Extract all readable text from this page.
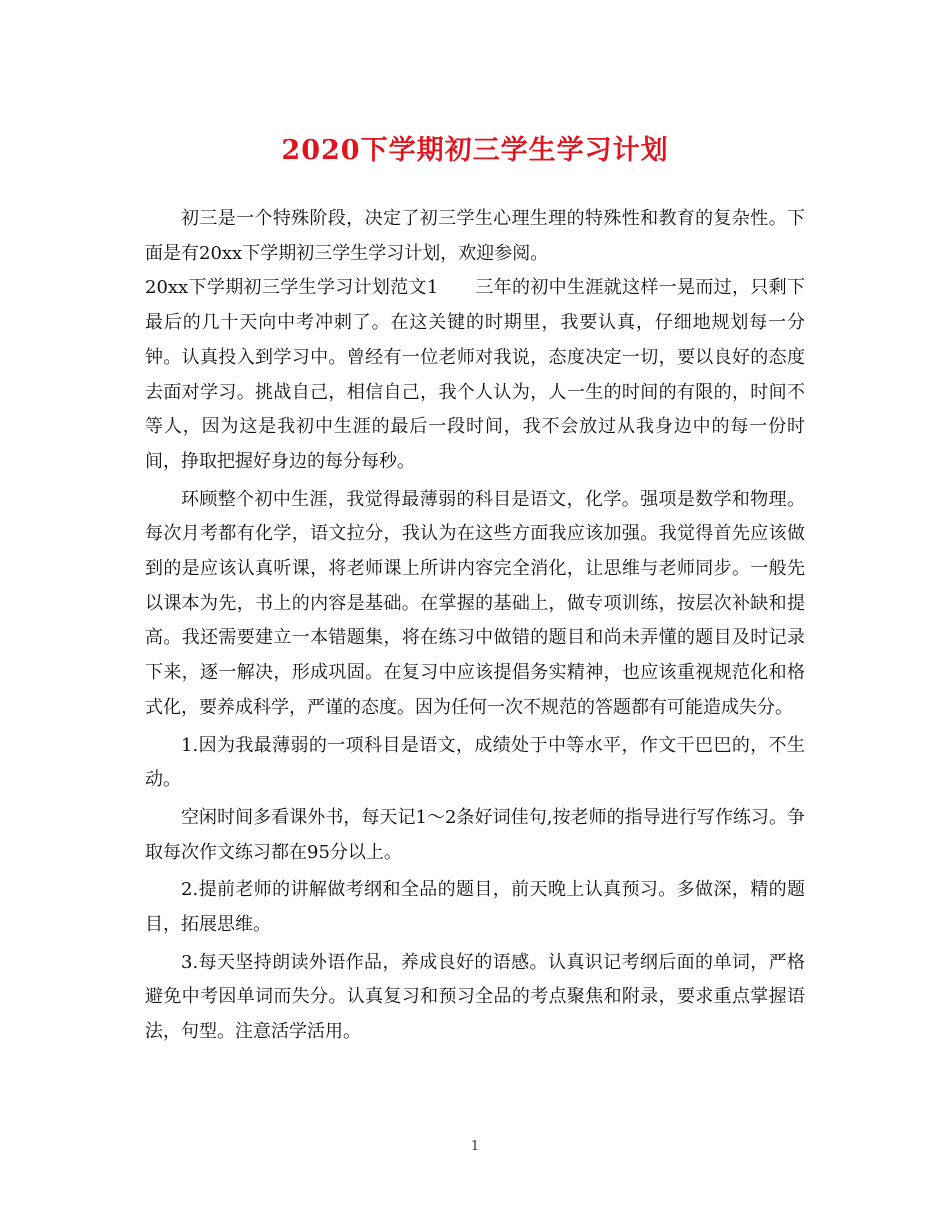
2020下学期初三学生学习计划

初三是一个特殊阶段，决定了初三学生心理生理的特殊性和教育的复杂性。下面是有20xx下学期初三学生学习计划，欢迎参阅。

20xx下学期初三学生学习计划范文1　　三年的初中生涯就这样一晃而过，只剩下最后的几十天向中考冲刺了。在这关键的时期里，我要认真，仔细地规划每一分钟。认真投入到学习中。曾经有一位老师对我说，态度决定一切，要以良好的态度去面对学习。挑战自己，相信自己，我个人认为，人一生的时间的有限的，时间不等人，因为这是我初中生涯的最后一段时间，我不会放过从我身边中的每一份时间，挣取把握好身边的每分每秒。

环顾整个初中生涯，我觉得最薄弱的科目是语文，化学。强项是数学和物理。每次月考都有化学，语文拉分，我认为在这些方面我应该加强。我觉得首先应该做到的是应该认真听课，将老师课上所讲内容完全消化，让思维与老师同步。一般先以课本为先，书上的内容是基础。在掌握的基础上，做专项训练，按层次补缺和提高。我还需要建立一本错题集，将在练习中做错的题目和尚未弄懂的题目及时记录下来，逐一解决，形成巩固。在复习中应该提倡务实精神，也应该重视规范化和格式化，要养成科学，严谨的态度。因为任何一次不规范的答题都有可能造成失分。

1.因为我最薄弱的一项科目是语文，成绩处于中等水平，作文干巴巴的，不生动。

空闲时间多看课外书，每天记1～2条好词佳句,按老师的指导进行写作练习。争取每次作文练习都在95分以上。

2.提前老师的讲解做考纲和全品的题目，前天晚上认真预习。多做深，精的题目，拓展思维。

3.每天坚持朗读外语作品，养成良好的语感。认真识记考纲后面的单词，严格避免中考因单词而失分。认真复习和预习全品的考点聚焦和附录，要求重点掌握语法，句型。注意活学活用。

1
